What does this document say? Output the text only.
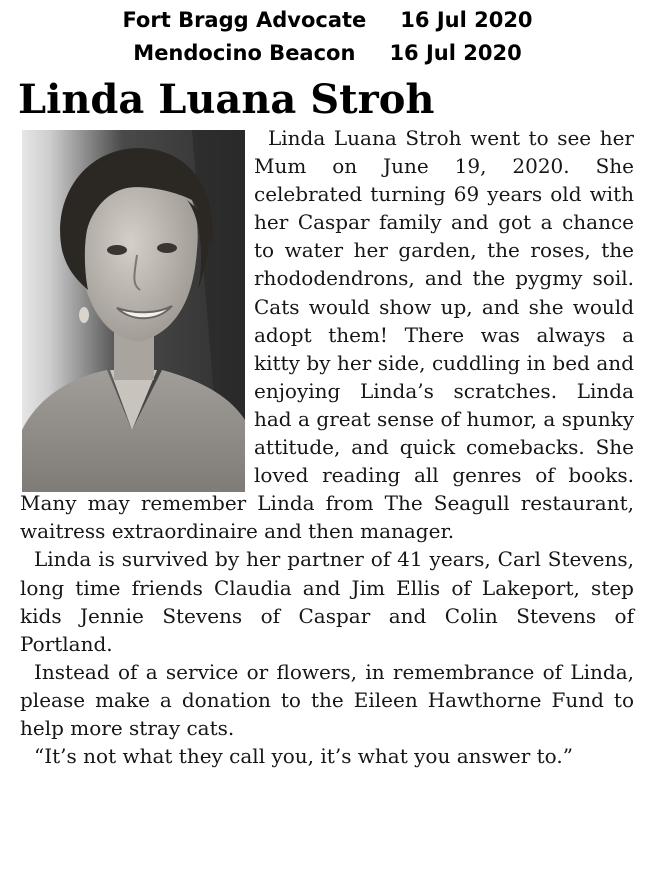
Fort Bragg Advocate 16 Jul 2020
Mendocino Beacon 16 Jul 2020
Linda Luana Stroh

Linda Luana Stroh went to see her Mum on June 19, 2020. She celebrated turning 69 years old with her Caspar family and got a chance to water her garden, the roses, the rhododendrons, and the pygmy soil. Cats would show up, and she would adopt them! There was always a kitty by her side, cuddling in bed and enjoying Linda’s scratches. Linda had a great sense of humor, a spunky attitude, and quick comebacks. She loved reading all genres of books. Many may remember Linda from The Seagull restaurant, waitress extraordinaire and then manager.

Linda is survived by her partner of 41 years, Carl Stevens, long time friends Claudia and Jim Ellis of Lakeport, step kids Jennie Stevens of Caspar and Colin Stevens of Portland.

Instead of a service or flowers, in remembrance of Linda, please make a donation to the Eileen Hawthorne Fund to help more stray cats.

“It’s not what they call you, it’s what you answer to.”
